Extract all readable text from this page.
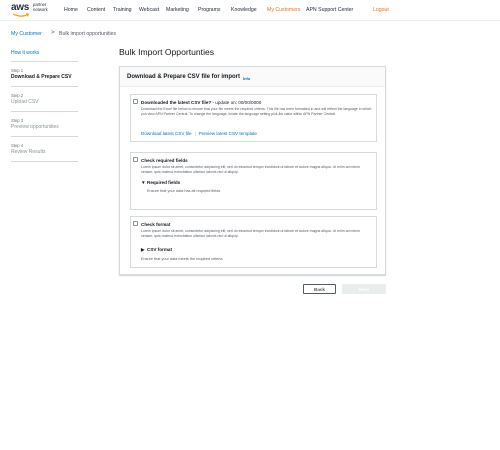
aws partner
network	Home Content Training Webcast Marketing Programs Knowledge My Customers APN Support Center	Logout
My Customer > Bulk import opportunities
Bulk Import Opportunties
How it works
Step 1
Download & Prepare CSV
Step 2
Upload CSV
Step 3
Preview opportunities
Step 4
Review Results
Download & Prepare CSV file for import Info
Downloaded the latest CSV file? - update on: 00/00/0000
Download the Excel file below to ensure that your file meets the required criteria. This file has been formatted in and will reflect the language in which you view APN Partner Central. To change the language, locate the language setting pick-list value within APN Partner Central.
Download latest CSV file | Preview latest CSV template
Check required fields
Lorem ipsum dolor sit amet, consectetur adipiscing elit, sed do eiusmod tempor incididunt ut labore et dolore magna aliqua. Ut enim ad minim veniam, quis nostrud exercitation ullamco laboris nisi ut aliquip.
▼Required fields
Ensure that your data has all required fields
Check format
Lorem ipsum dolor sit amet, consectetur adipiscing elit, sed do eiusmod tempor incididunt ut labore et dolore magna aliqua. Ut enim ad minim veniam, quis nostrud exercitation ullamco laboris nisi ut aliquip.
▶ CSV format
Ensure that your data meets the required criteria
Back	Next
